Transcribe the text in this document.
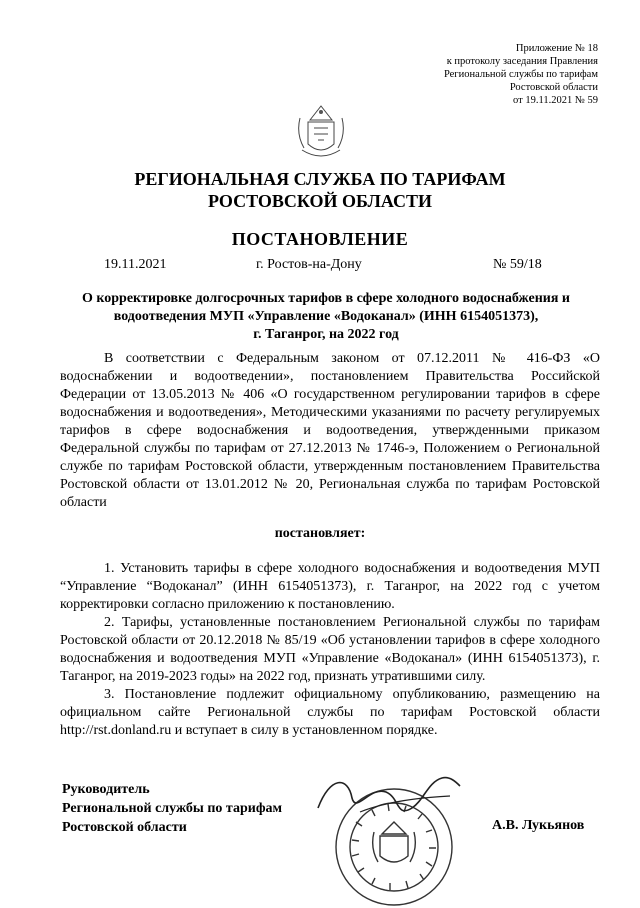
Приложение № 18
к протоколу заседания Правления
Региональной службы по тарифам
Ростовской области
от 19.11.2021 № 59
РЕГИОНАЛЬНАЯ СЛУЖБА ПО ТАРИФАМ
РОСТОВСКОЙ ОБЛАСТИ
ПОСТАНОВЛЕНИЕ
19.11.2021	г. Ростов-на-Дону	№ 59/18
О корректировке долгосрочных тарифов в сфере холодного водоснабжения и
водоотведения МУП «Управление «Водоканал» (ИНН 6154051373),
г. Таганрог, на 2022 год
В соответствии с Федеральным законом от 07.12.2011 № 416-ФЗ «О водоснабжении и водоотведении», постановлением Правительства Российской Федерации от 13.05.2013 № 406 «О государственном регулировании тарифов в сфере водоснабжения и водоотведения», Методическими указаниями по расчету регулируемых тарифов в сфере водоснабжения и водоотведения, утвержденными приказом Федеральной службы по тарифам от 27.12.2013 № 1746-э, Положением о Региональной службе по тарифам Ростовской области, утвержденным постановлением Правительства Ростовской области от 13.01.2012 № 20, Региональная служба по тарифам Ростовской области
постановляет:

1. Установить тарифы в сфере холодного водоснабжения и водоотведения МУП “Управление “Водоканал” (ИНН 6154051373), г. Таганрог, на 2022 год с учетом корректировки согласно приложению к постановлению.

2. Тарифы, установленные постановлением Региональной службы по тарифам Ростовской области от 20.12.2018 № 85/19 «Об установлении тарифов в сфере холодного водоснабжения и водоотведения МУП «Управление «Водоканал» (ИНН 6154051373), г. Таганрог, на 2019-2023 годы» на 2022 год, признать утратившими силу.

3. Постановление подлежит официальному опубликованию, размещению на официальном сайте Региональной службы по тарифам Ростовской области http://rst.donland.ru и вступает в силу в установленном порядке.

Руководитель
Региональной службы по тарифам
Ростовской области	А.В. Лукьянов
